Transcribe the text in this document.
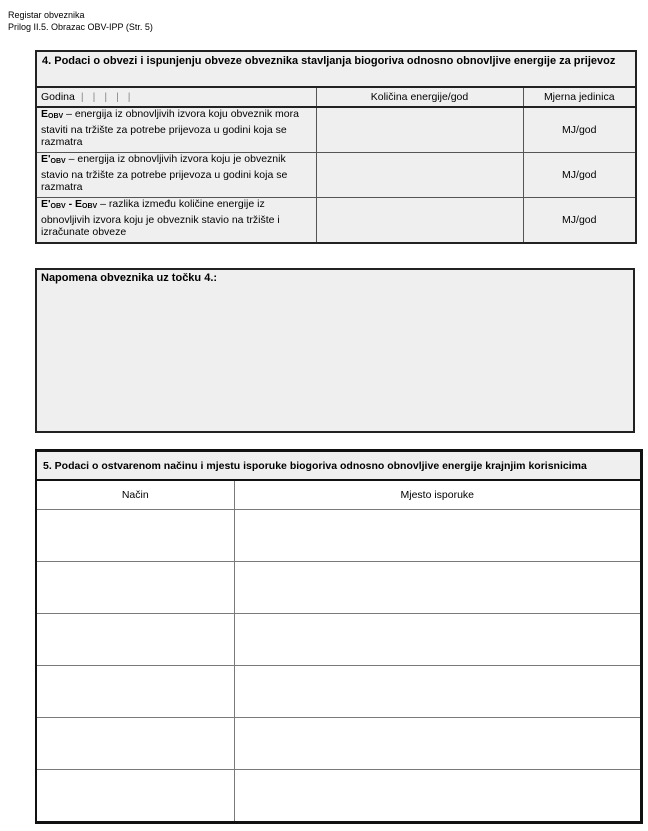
Registar obveznika
Prilog II.5. Obrazac OBV-IPP (Str. 5)
4. Podaci o obvezi i ispunjenju obveze obveznika stavljanja biogoriva odnosno obnovljive energije za prijevoz
Godina | | | | |	Količina energije/god	Mjerna jedinica
EOBV – energija iz obnovljivih izvora koju obveznik mora staviti na tržište za potrebe prijevoza u godini koja se razmatra		MJ/god
E'OBV – energija iz obnovljivih izvora koju je obveznik stavio na tržište za potrebe prijevoza u godini koja se razmatra		MJ/god
E'OBV - EOBV – razlika između količine energije iz obnovljivih izvora koju je obveznik stavio na tržište i izračunate obveze		MJ/god
Napomena obveznika uz točku 4.:
5. Podaci o ostvarenom načinu i mjestu isporuke biogoriva odnosno obnovljive energije krajnjim korisnicima
Način	Mjesto isporuke
